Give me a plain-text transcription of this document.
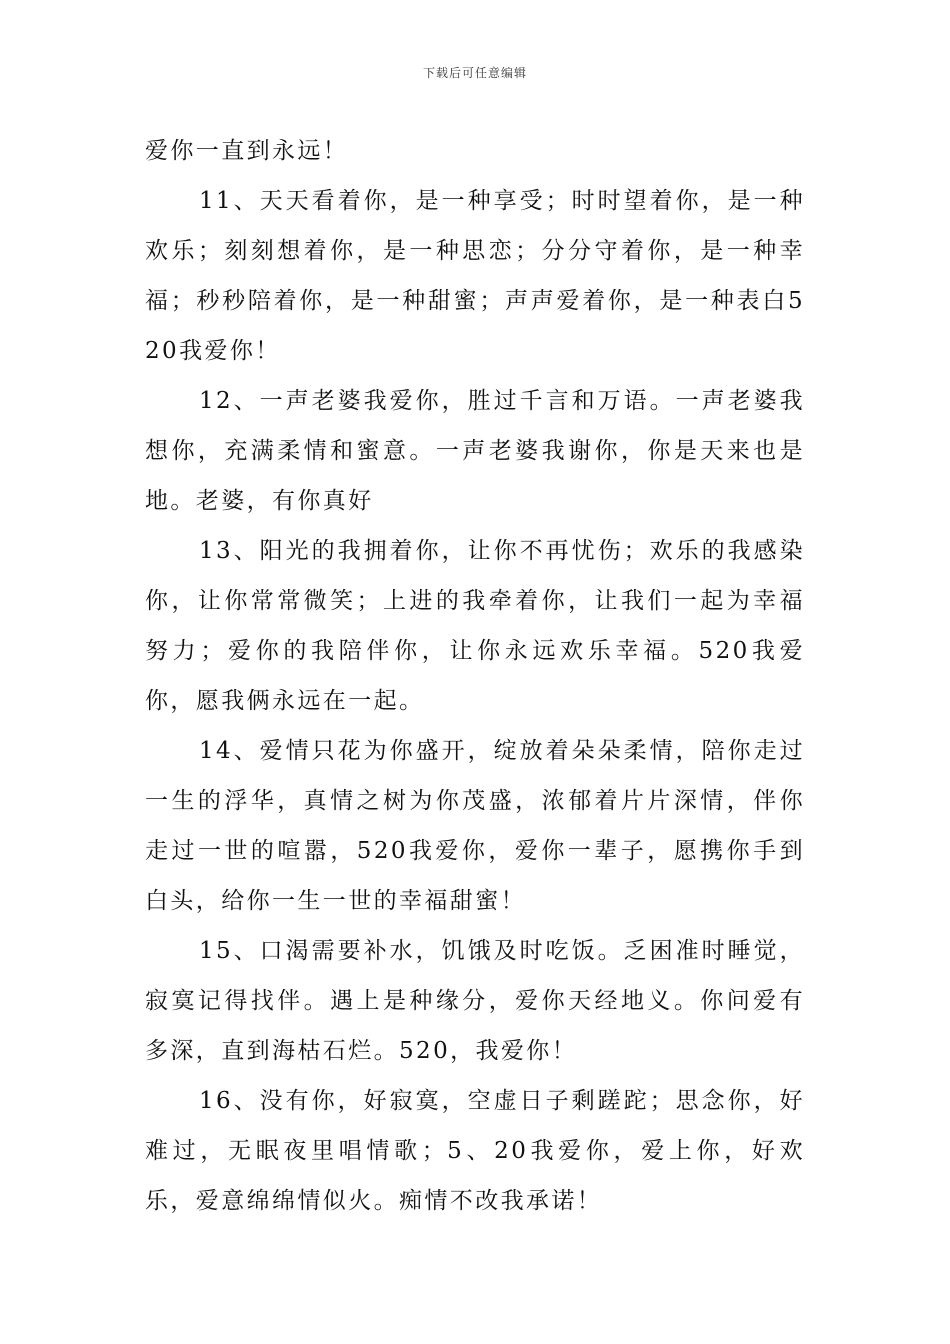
下载后可任意编辑

爱你一直到永远！

11、天天看着你，是一种享受；时时望着你，是一种欢乐；刻刻想着你，是一种思恋；分分守着你，是一种幸福；秒秒陪着你，是一种甜蜜；声声爱着你，是一种表白520我爱你！

12、一声老婆我爱你，胜过千言和万语。一声老婆我想你，充满柔情和蜜意。一声老婆我谢你，你是天来也是地。老婆，有你真好

13、阳光的我拥着你，让你不再忧伤；欢乐的我感染你，让你常常微笑；上进的我牵着你，让我们一起为幸福努力；爱你的我陪伴你，让你永远欢乐幸福。520我爱你，愿我俩永远在一起。

14、爱情只花为你盛开，绽放着朵朵柔情，陪你走过一生的浮华，真情之树为你茂盛，浓郁着片片深情，伴你走过一世的喧嚣，520我爱你，爱你一辈子，愿携你手到白头，给你一生一世的幸福甜蜜！

15、口渴需要补水，饥饿及时吃饭。乏困准时睡觉，寂寞记得找伴。遇上是种缘分，爱你天经地义。你问爱有多深，直到海枯石烂。520，我爱你！

16、没有你，好寂寞，空虚日子剩蹉跎；思念你，好难过，无眠夜里唱情歌；5、20我爱你，爱上你，好欢乐，爱意绵绵情似火。痴情不改我承诺！
